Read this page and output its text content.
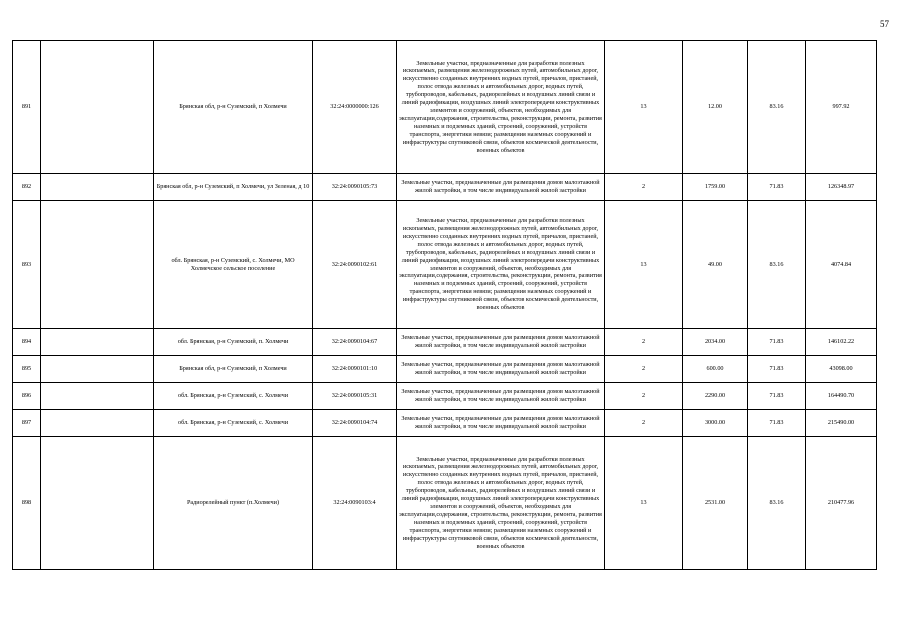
57
891		Брянская обл, р-н Суземский, п Холмечи	32:24:0000000:126	Земельные участки, предназначенные для разработки полезных ископаемых, размещения железнодорожных путей, автомобильных дорог, искусственно созданных внутренних водных путей, причалов, пристаней, полос отвода железных и автомобильных дорог, водных путей, трубопроводов, кабельных, радиорелейных и воздушных линий связи и линий радиофикации, воздушных линий электропередачи конструктивных элементов и сооружений, объектов, необходимых для эксплуатации,содержания, строительства, реконструкции, ремонта, развития наземных и подземных зданий, строений, сооружений, устройств транспорта, энергетики невязи; размещения наземных сооружений и инфраструктуры спутниковой связи, объектов космической деятельности, военных объектов	13	12.00	83.16	997.92
892		Брянская обл, р-н Суземский, п Холмечи, ул Зеленая, д 10	32:24:0090105:73	Земельные участки, предназначенные для размещения домов малоэтажной жилой застройки, в том числе индивидуальной жилой застройки	2	1759.00	71.83	126348.97
893		обл. Брянская, р-н Суземский, с. Холмечи, МО Холмечское сельское поселение	32:24:0090102:61	Земельные участки, предназначенные для разработки полезных ископаемых, размещения железнодорожных путей, автомобильных дорог, искусственно созданных внутренних водных путей, причалов, пристаней, полос отвода железных и автомобильных дорог, водных путей, трубопроводов, кабельных, радиорелейных и воздушных линий связи и линий радиофикации, воздушных линий электропередачи конструктивных элементов и сооружений, объектов, необходимых для эксплуатации,содержания, строительства, реконструкции, ремонта, развития наземных и подземных зданий, строений, сооружений, устройств транспорта, энергетики невязи; размещения наземных сооружений и инфраструктуры спутниковой связи, объектов космической деятельности, военных объектов	13	49.00	83.16	4074.84
894		обл. Брянская, р-н Суземский, п. Холмечи	32:24:0090104:67	Земельные участки, предназначенные для размещения домов малоэтажной жилой застройки, в том числе индивидуальной жилой застройки	2	2034.00	71.83	146102.22
895		Брянская обл, р-н Суземский, п Холмечи	32:24:0090101:10	Земельные участки, предназначенные для размещения домов малоэтажной жилой застройки, в том числе индивидуальной жилой застройки	2	600.00	71.83	43098.00
896		обл. Брянская, р-н Суземский, с. Холмечи	32:24:0090105:31	Земельные участки, предназначенные для размещения домов малоэтажной жилой застройки, в том числе индивидуальной жилой застройки	2	2290.00	71.83	164490.70
897		обл. Брянская, р-н Суземский, с. Холмечи	32:24:0090104:74	Земельные участки, предназначенные для размещения домов малоэтажной жилой застройки, в том числе индивидуальной жилой застройки	2	3000.00	71.83	215490.00
898		Радиорелейный пункт (п.Холмечи)	32:24:0090103:4	Земельные участки, предназначенные для разработки полезных ископаемых, размещения железнодорожных путей, автомобильных дорог, искусственно созданных внутренних водных путей, причалов, пристаней, полос отвода железных и автомобильных дорог, водных путей, трубопроводов, кабельных, радиорелейных и воздушных линий связи и линий радиофикации, воздушных линий электропередачи конструктивных элементов и сооружений, объектов, необходимых для эксплуатации,содержания, строительства, реконструкции, ремонта, развития наземных и подземных зданий, строений, сооружений, устройств транспорта, энергетики невязи; размещения наземных сооружений и инфраструктуры спутниковой связи, объектов космической деятельности, военных объектов	13	2531.00	83.16	210477.96
